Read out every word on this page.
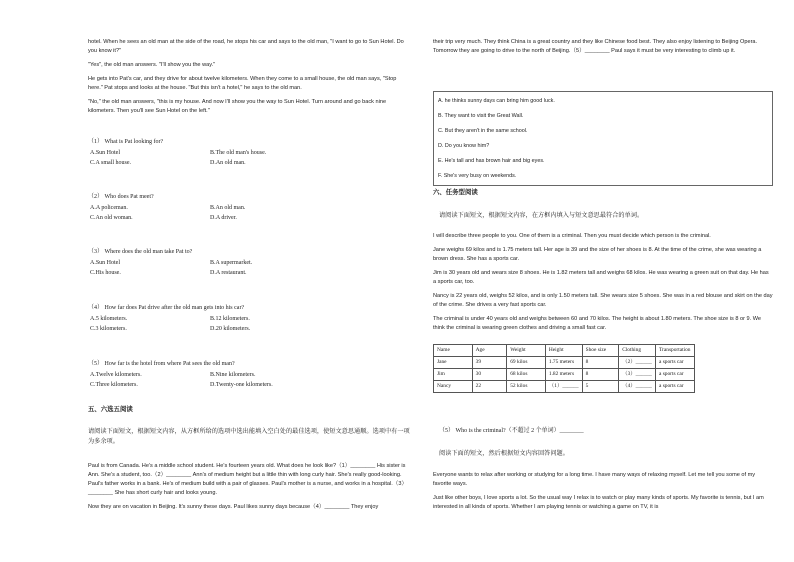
hotel. When he sees an old man at the side of the road, he stops his car and says to the old man, "I want to go to Sun Hotel. Do you know it?"

"Yes", the old man answers. "I'll show you the way."

He gets into Pat's car, and they drive for about twelve kilometers. When they come to a small house, the old man says, "Stop here." Pat stops and looks at the house. "But this isn't a hotel," he says to the old man.

"No," the old man answers, "this is my house. And now I'll show you the way to Sun Hotel. Turn around and go back nine kilometers. Then you'll see Sun Hotel on the left."

（1） What is Pat looking for?
A.Sun Hotel	B.The old man's house.
C.A small house.	D.An old man.
（2） Who does Pat meet?
A.A policeman.	B.An old man.
C.An old woman.	D.A driver.
（3） Where does the old man take Pat to?
A.Sun Hotel	B.A supermarket.
C.His house.	D.A restaurant.
（4） How far does Pat drive after the old man gets into his car?
A.5 kilometers.	B.12 kilometers.
C.3 kilometers.	D.20 kilometers.
（5） How far is the hotel from where Pat sees the old man?
A.Twelve kilometers.	B.Nine kilometers.
C.Three kilometers.	D.Twenty-one kilometers.
五、六选五阅读
请阅读下面短文，根据短文内容，从方框所给的选项中选出能填入空白处的最佳选项，使短文意思通顺。选项中有一项为多余项。

Paul is from Canada. He's a middle school student. He's fourteen years old. What does he look like?（1）________ His sister is Ann. She's a student, too.（2）________ Ann's of medium height but a little thin with long curly hair. She's really good-looking. Paul's father works in a bank. He's of medium build with a pair of glasses. Paul's mother is a nurse, and works in a hospital.（3）________ She has short curly hair and looks young.

Now they are on vacation in Beijing. It's sunny these days. Paul likes sunny days because（4）________ They enjoy

their trip very much. They think China is a great country and they like Chinese food best. They also enjoy listening to Beijing Opera. Tomorrow they are going to drive to the north of Beijing.（5）________ Paul says it must be very interesting to climb up it.
A. he thinks sunny days can bring him good luck.
B. They want to visit the Great Wall.
C. But they aren't in the same school.
D. Do you know him?
E. He's tall and has brown hair and big eyes.
F. She's very busy on weekends.
六、任务型阅读
请阅读下面短文，根据短文内容，在方框内填入与短文意思最符合的单词。

I will describe three people to you. One of them is a criminal. Then you must decide which person is the criminal.

Jane weighs 69 kilos and is 1.75 meters tall. Her age is 39 and the size of her shoes is 8. At the time of the crime, she was wearing a brown dress. She has a sports car.

Jim is 30 years old and wears size 8 shoes. He is 1.82 meters tall and weighs 68 kilos. He was wearing a green suit on that day. He has a sports car, too.

Nancy is 22 years old, weighs 52 kilos, and is only 1.50 meters tall. She wears size 5 shoes. She was in a red blouse and skirt on the day of the crime. She drives a very fast sports car.

The criminal is under 40 years old and weighs between 60 and 70 kilos. The height is about 1.80 meters. The shoe size is 8 or 9. We think the criminal is wearing green clothes and driving a small fast car.

Name	Age	Weight	Height	Shoe size	Clothing	Transportation
Jane	39	69 kilos	1.75 meters	8	（2）______	a sports car
Jim	30	68 kilos	1.82 meters	8	（3）______	a sports car
Nancy	22	52 kilos	（1）______	5	（4）______	a sports car
（5） Who is the criminal?（不超过 2 个单词）________
阅读下面的短文，然后根据短文内容回答问题。

Everyone wants to relax after working or studying for a long time. I have many ways of relaxing myself. Let me tell you some of my favorite ways.

Just like other boys, I love sports a lot. So the usual way I relax is to watch or play many kinds of sports. My favorite is tennis, but I am interested in all kinds of sports. Whether I am playing tennis or watching a game on TV, it is
